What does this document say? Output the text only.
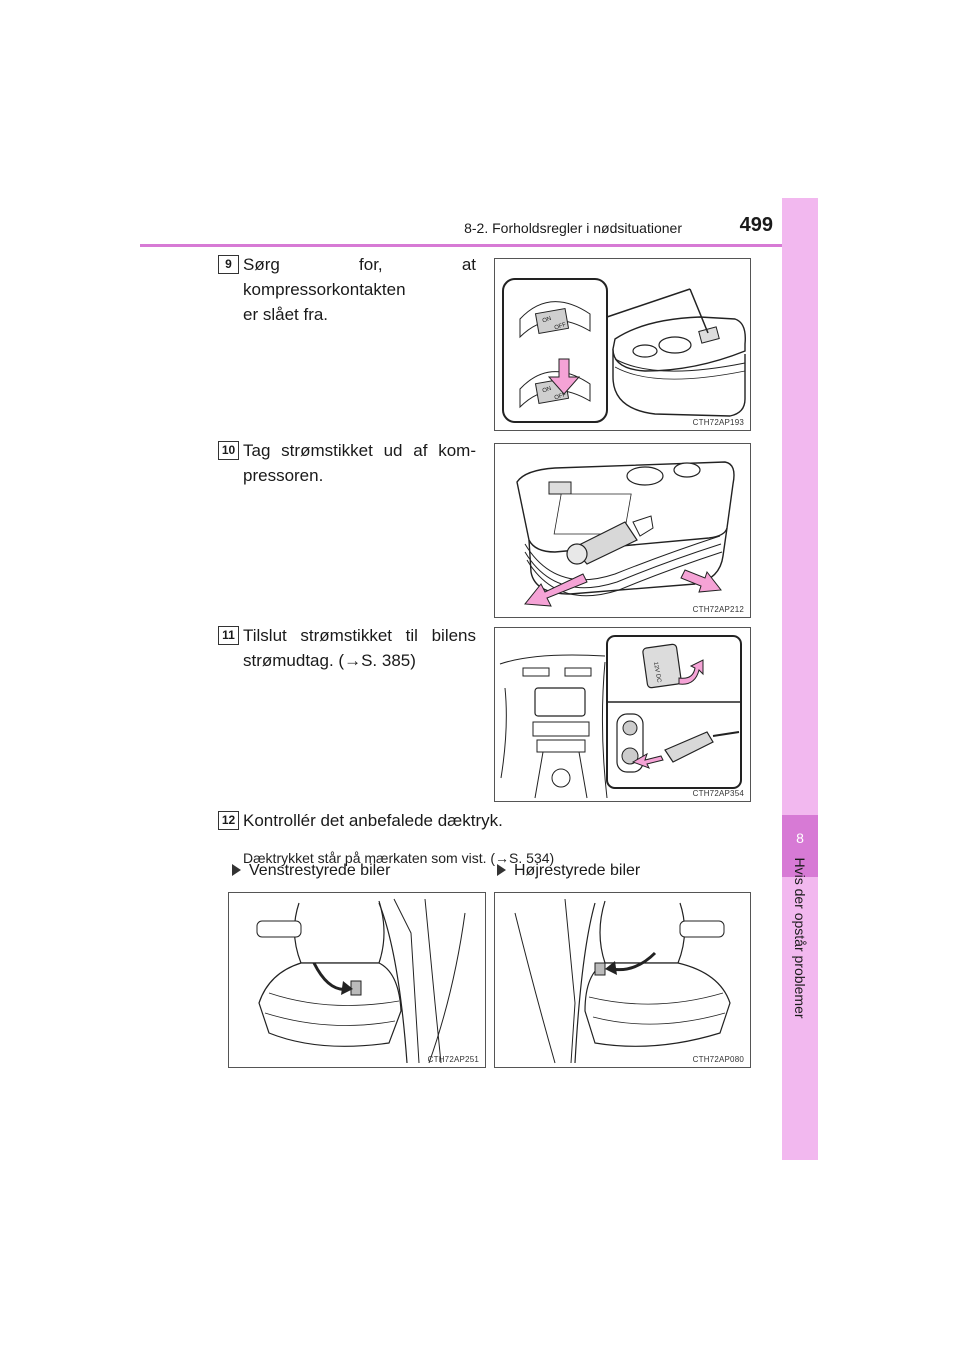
8-2. Forholdsregler i nødsituationer	499
8
Hvis der opstår problemer
9 Sørg for, at kompressorkontakten
er slået fra.	ON
OFF
ON
OFF
CTH72AP193
10 Tag strømstikket ud af kom-
pressoren.
CTH72AP212
11 Tilslut strømstikket til bilens
strømudtag. (→S. 385)
12V DC
CTH72AP354
12 Kontrollér det anbefalede dæktryk.
Dæktrykket står på mærkaten som vist. (→S. 534)
Venstrestyrede biler	Højrestyrede biler
CTH72AP251	CTH72AP080
